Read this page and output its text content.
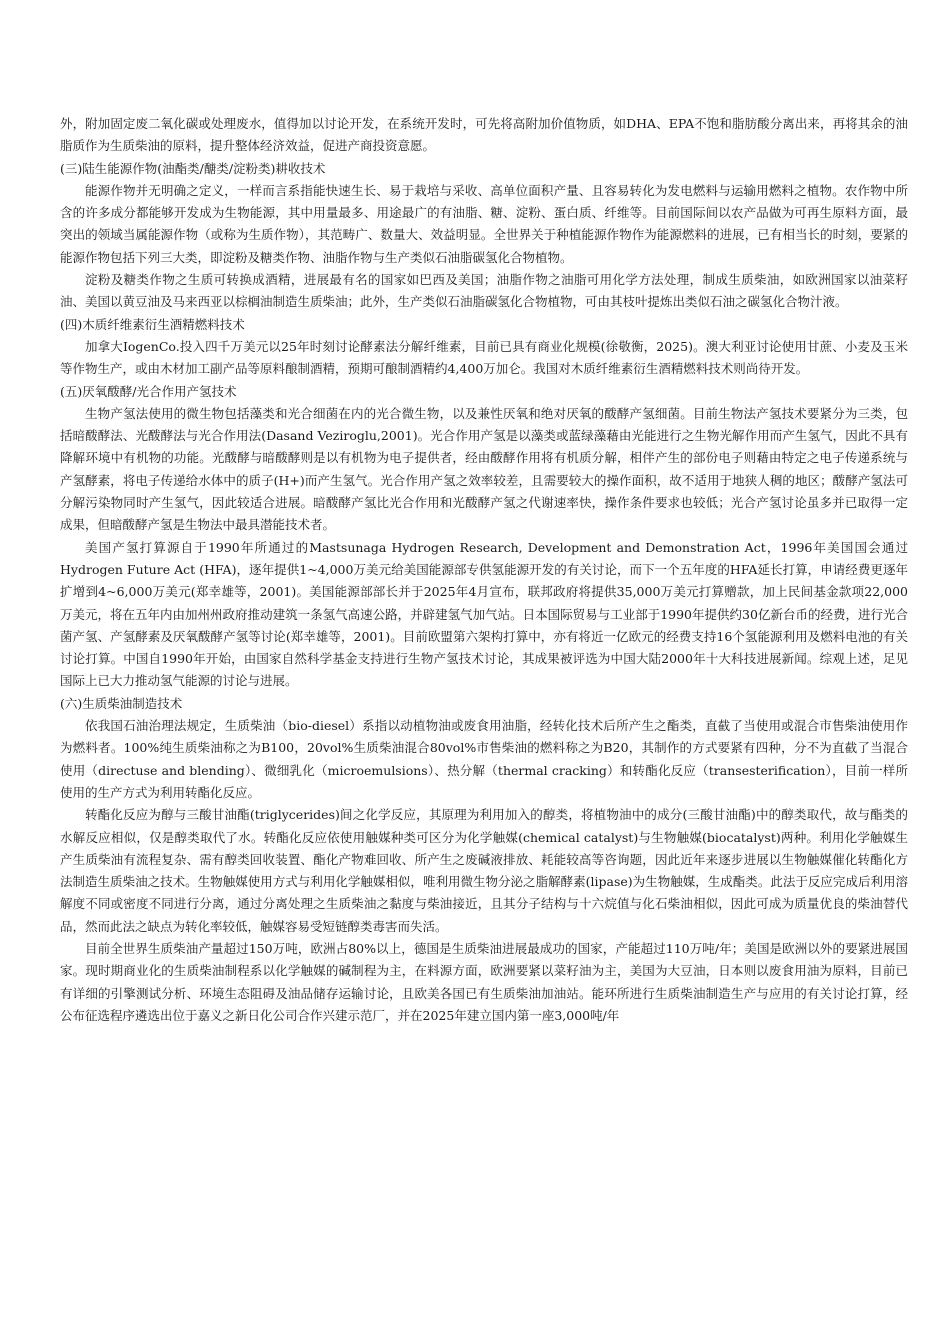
外，附加固定废二氧化碳或处理废水，值得加以讨论开发，在系统开发时，可先将高附加价值物质，如DHA、EPA不饱和脂肪酸分离出来，再将其余的油脂质作为生质柴油的原料，提升整体经济效益，促进产商投资意愿。

(三)陆生能源作物(油酯类/醣类/淀粉类)耕收技术

能源作物并无明确之定义，一样而言系指能快速生长、易于栽培与采收、高单位面积产量、且容易转化为发电燃料与运输用燃料之植物。农作物中所含的许多成分都能够开发成为生物能源，其中用量最多、用途最广的有油脂、糖、淀粉、蛋白质、纤维等。目前国际间以农产品做为可再生原料方面，最突出的领域当属能源作物（或称为生质作物），其范畴广、数量大、效益明显。全世界关于种植能源作物作为能源燃料的进展，已有相当长的时刻，要紧的能源作物包括下列三大类，即淀粉及糖类作物、油脂作物与生产类似石油脂碳氢化合物植物。

淀粉及糖类作物之生质可转换成酒精，进展最有名的国家如巴西及美国；油脂作物之油脂可用化学方法处理，制成生质柴油，如欧洲国家以油菜籽油、美国以黄豆油及马来西亚以棕榈油制造生质柴油；此外，生产类似石油脂碳氢化合物植物，可由其枝叶提炼出类似石油之碳氢化合物汁液。

(四)木质纤维素衍生酒精燃料技术

加拿大IogenCo.投入四千万美元以25年时刻讨论酵素法分解纤维素，目前已具有商业化规模(徐敬衡，2025)。澳大利亚讨论使用甘蔗、小麦及玉米等作物生产，或由木材加工副产品等原料酿制酒精，预期可酿制酒精约4,400万加仑。我国对木质纤维素衍生酒精燃料技术则尚待开发。

(五)厌氧酦酵/光合作用产氢技术

生物产氢法使用的微生物包括藻类和光合细菌在内的光合微生物，以及兼性厌氧和绝对厌氧的酦酵产氢细菌。目前生物法产氢技术要紧分为三类，包括暗酦酵法、光酦酵法与光合作用法(Dasand Veziroglu,2001)。光合作用产氢是以藻类或蓝绿藻藉由光能进行之生物光解作用而产生氢气，因此不具有降解环境中有机物的功能。光酦酵与暗酦酵则是以有机物为电子提供者，经由酦酵作用将有机质分解，相伴产生的部份电子则藉由特定之电子传递系统与产氢酵素，将电子传递给水体中的质子(H+)而产生氢气。光合作用产氢之效率较差，且需要较大的操作面积，故不适用于地狭人稠的地区；酦酵产氢法可分解污染物同时产生氢气，因此较适合进展。暗酦酵产氢比光合作用和光酦酵产氢之代谢速率快，操作条件要求也较低；光合产氢讨论虽多并已取得一定成果，但暗酦酵产氢是生物法中最具潜能技术者。

美国产氢打算源自于1990年所通过的Mastsunaga Hydrogen Research, Development and Demonstration Act，1996年美国国会通过Hydrogen Future Act (HFA)，逐年提供1~4,000万美元给美国能源部专供氢能源开发的有关讨论，而下一个五年度的HFA延长打算，申请经费更逐年扩增到4~6,000万美元(郑幸雄等，2001)。美国能源部部长并于2025年4月宣布，联邦政府将提供35,000万美元打算赠款，加上民间基金款项22,000万美元，将在五年内由加州州政府推动建筑一条氢气高速公路，并辟建氢气加气站。日本国际贸易与工业部于1990年提供约30亿新台币的经费，进行光合菌产氢、产氢酵素及厌氧酦酵产氢等讨论(郑幸雄等，2001)。目前欧盟第六架构打算中，亦有将近一亿欧元的经费支持16个氢能源利用及燃料电池的有关讨论打算。中国自1990年开始，由国家自然科学基金支持进行生物产氢技术讨论，其成果被评选为中国大陆2000年十大科技进展新闻。综观上述，足见国际上已大力推动氢气能源的讨论与进展。

(六)生质柴油制造技术

依我国石油治理法规定，生质柴油（bio-diesel）系指以动植物油或废食用油脂，经转化技术后所产生之酯类，直截了当使用或混合市售柴油使用作为燃料者。100%纯生质柴油称之为B100，20vol%生质柴油混合80vol%市售柴油的燃料称之为B20，其制作的方式要紧有四种，分不为直截了当混合使用（directuse and blending）、微细乳化（microemulsions）、热分解（thermal cracking）和转酯化反应（transesterification），目前一样所使用的生产方式为利用转酯化反应。

转酯化反应为醇与三酸甘油酯(triglycerides)间之化学反应，其原理为利用加入的醇类，将植物油中的成分(三酸甘油酯)中的醇类取代，故与酯类的水解反应相似，仅是醇类取代了水。转酯化反应依使用触媒种类可区分为化学触媒(chemical catalyst)与生物触媒(biocatalyst)两种。利用化学触媒生产生质柴油有流程复杂、需有醇类回收装置、酯化产物难回收、所产生之废碱液排放、耗能较高等咨询题，因此近年来逐步进展以生物触媒催化转酯化方法制造生质柴油之技术。生物触媒使用方式与利用化学触媒相似，唯利用微生物分泌之脂解酵素(lipase)为生物触媒，生成酯类。此法于反应完成后利用溶解度不同或密度不同进行分离，通过分离处理之生质柴油之黏度与柴油接近，且其分子结构与十六烷值与化石柴油相似，因此可成为质量优良的柴油替代品，然而此法之缺点为转化率较低，触媒容易受短链醇类毒害而失活。

目前全世界生质柴油产量超过150万吨，欧洲占80%以上，德国是生质柴油进展最成功的国家，产能超过110万吨/年；美国是欧洲以外的要紧进展国家。现时期商业化的生质柴油制程系以化学触媒的碱制程为主，在料源方面，欧洲要紧以菜籽油为主，美国为大豆油，日本则以废食用油为原料，目前已有详细的引擎测试分析、环境生态阻碍及油品储存运输讨论，且欧美各国已有生质柴油加油站。能环所进行生质柴油制造生产与应用的有关讨论打算，经公布征选程序遴选出位于嘉义之新日化公司合作兴建示范厂，并在2025年建立国内第一座3,000吨/年
